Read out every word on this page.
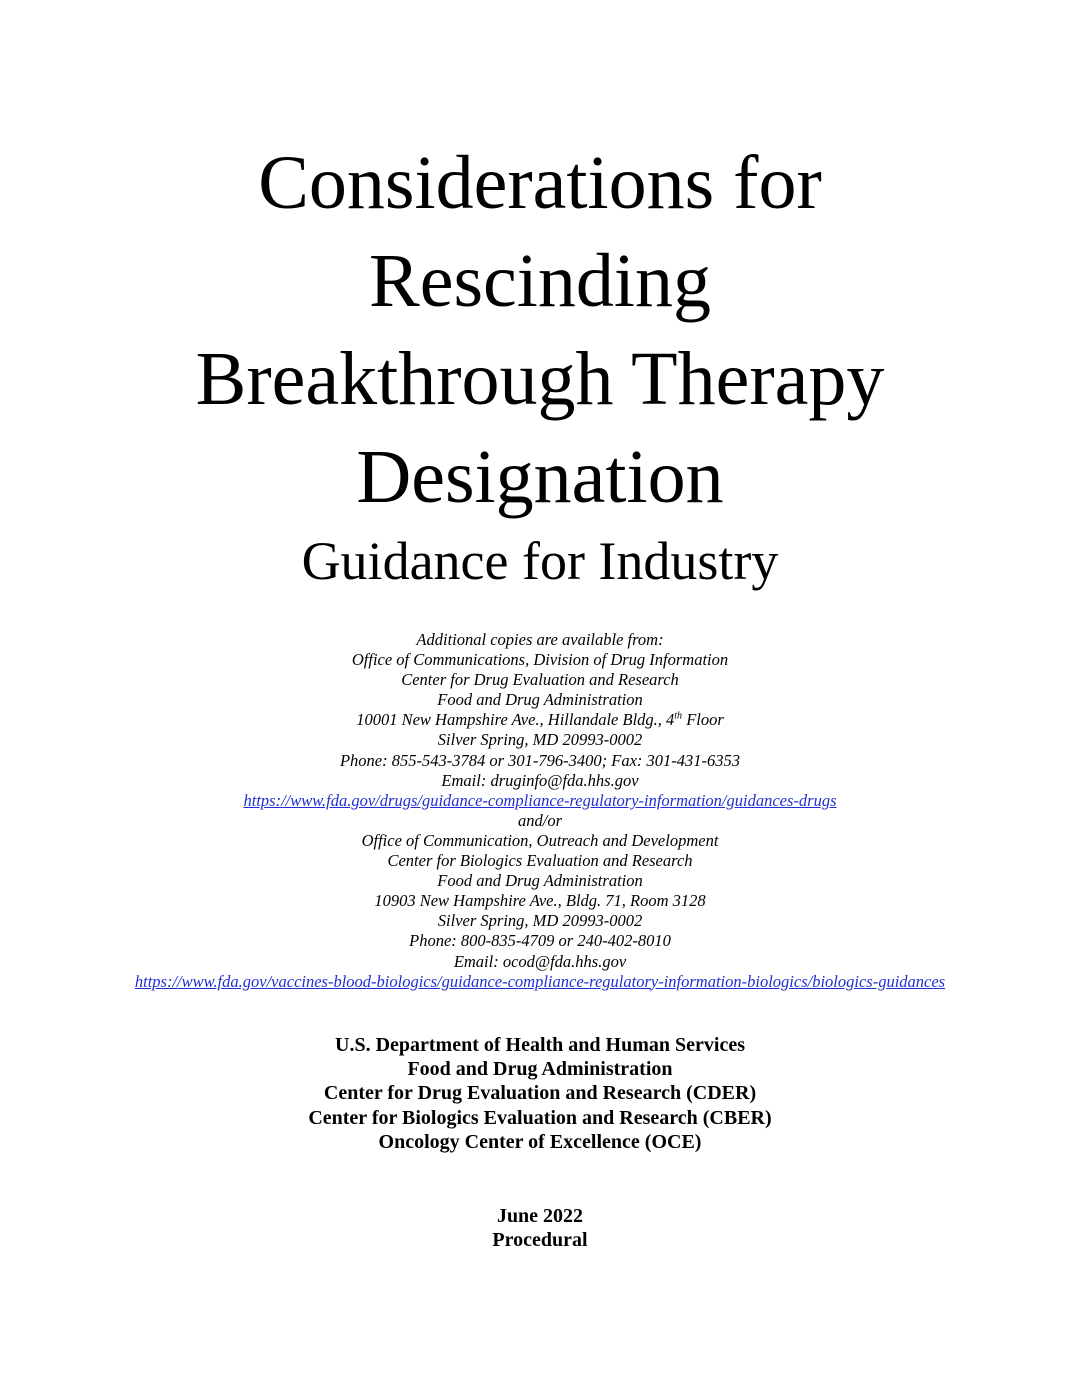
Considerations for
Rescinding
Breakthrough Therapy
Designation
Guidance for Industry
Additional copies are available from:
Office of Communications, Division of Drug Information
Center for Drug Evaluation and Research
Food and Drug Administration
10001 New Hampshire Ave., Hillandale Bldg., 4th Floor
Silver Spring, MD 20993-0002
Phone: 855-543-3784 or 301-796-3400; Fax: 301-431-6353
Email: druginfo@fda.hhs.gov
https://www.fda.gov/drugs/guidance-compliance-regulatory-information/guidances-drugs
and/or
Office of Communication, Outreach and Development
Center for Biologics Evaluation and Research
Food and Drug Administration
10903 New Hampshire Ave., Bldg. 71, Room 3128
Silver Spring, MD 20993-0002
Phone: 800-835-4709 or 240-402-8010
Email: ocod@fda.hhs.gov
https://www.fda.gov/vaccines-blood-biologics/guidance-compliance-regulatory-information-biologics/biologics-guidances
U.S. Department of Health and Human Services
Food and Drug Administration
Center for Drug Evaluation and Research (CDER)
Center for Biologics Evaluation and Research (CBER)
Oncology Center of Excellence (OCE)
June 2022
Procedural
